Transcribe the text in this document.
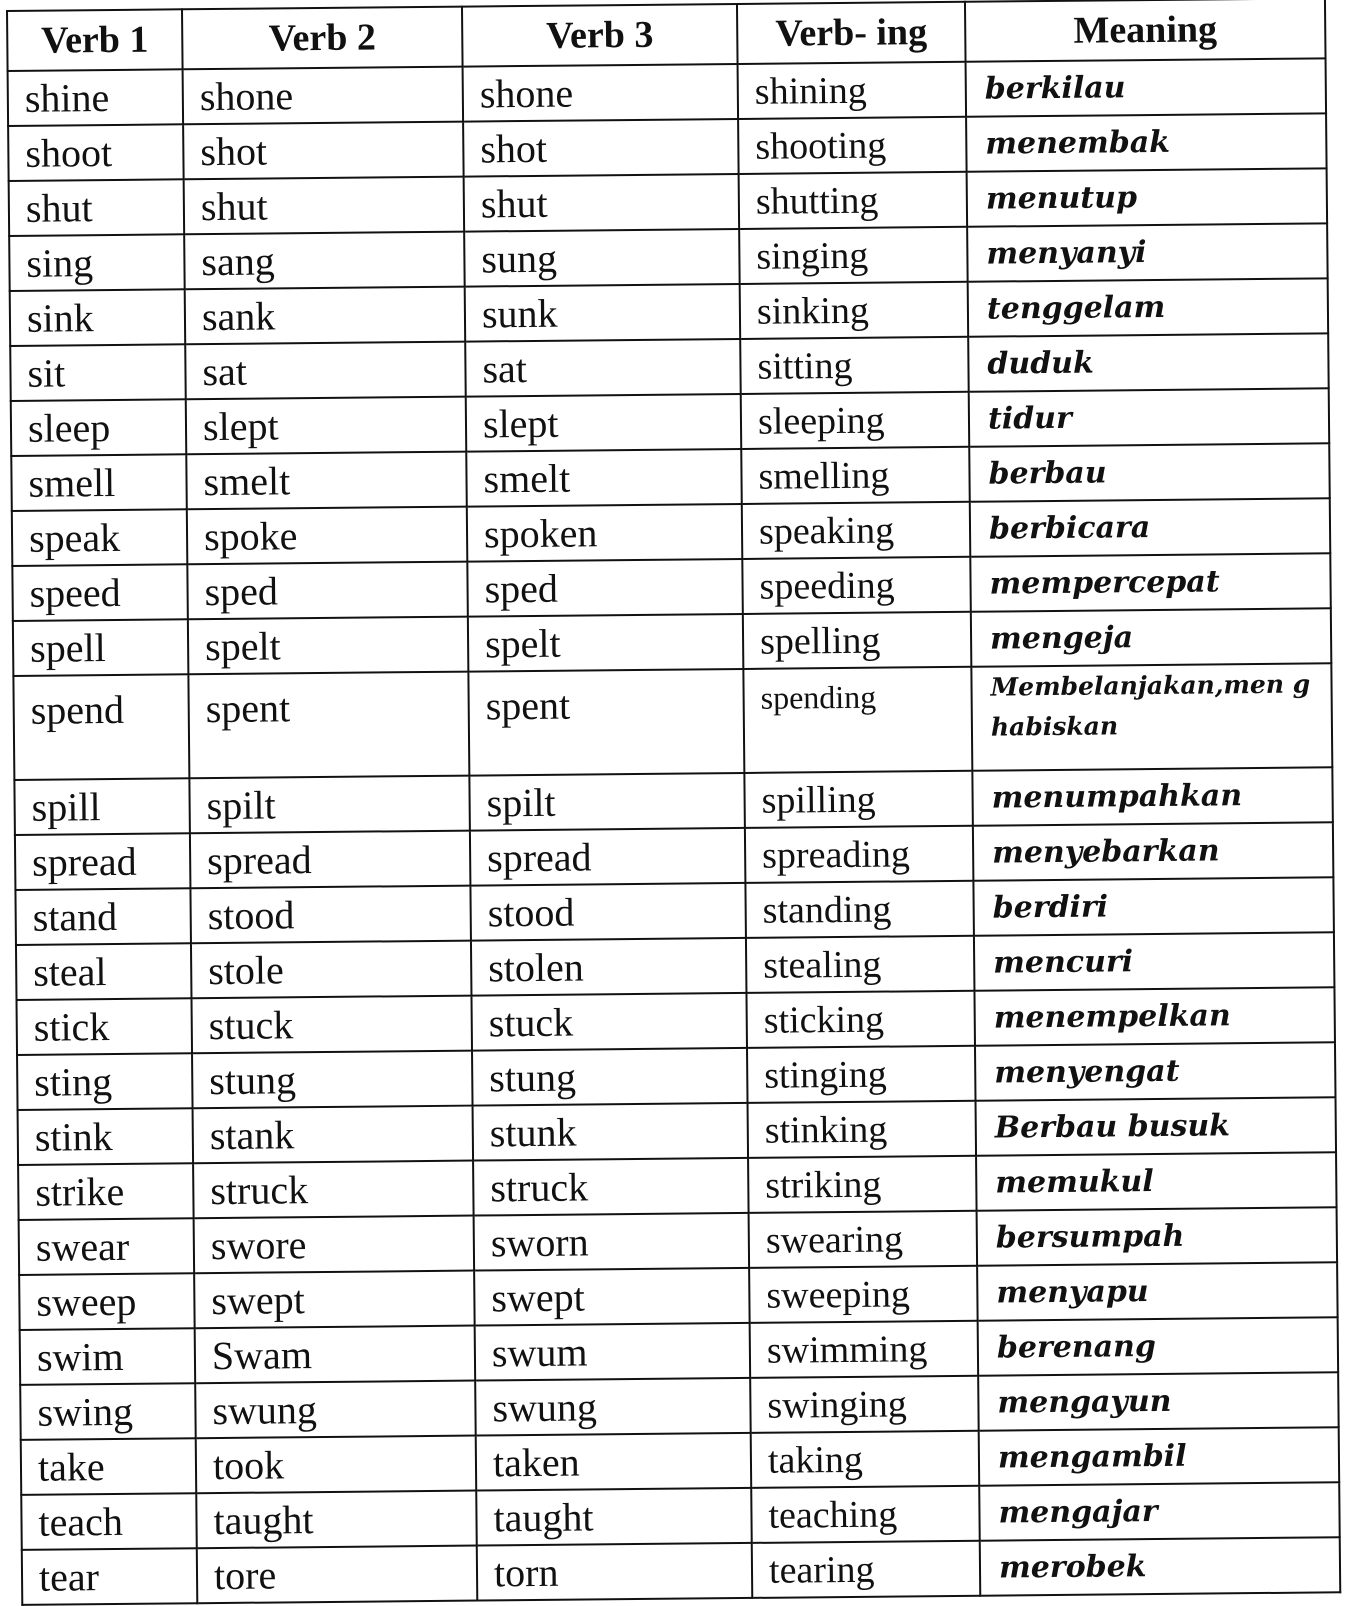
Verb 1	Verb 2	Verb 3	Verb- ing	Meaning
shine	shone	shone	shining	berkilau
shoot	shot	shot	shooting	menembak
shut	shut	shut	shutting	menutup
sing	sang	sung	singing	menyanyi
sink	sank	sunk	sinking	tenggelam
sit	sat	sat	sitting	duduk
sleep	slept	slept	sleeping	tidur
smell	smelt	smelt	smelling	berbau
speak	spoke	spoken	speaking	berbicara
speed	sped	sped	speeding	mempercepat
spell	spelt	spelt	spelling	mengeja
spend	spent	spent	spending	Membelanjakan,men ghabiskan
spill	spilt	spilt	spilling	menumpahkan
spread	spread	spread	spreading	menyebarkan
stand	stood	stood	standing	berdiri
steal	stole	stolen	stealing	mencuri
stick	stuck	stuck	sticking	menempelkan
sting	stung	stung	stinging	menyengat
stink	stank	stunk	stinking	Berbau busuk
strike	struck	struck	striking	memukul
swear	swore	sworn	swearing	bersumpah
sweep	swept	swept	sweeping	menyapu
swim	Swam	swum	swimming	berenang
swing	swung	swung	swinging	mengayun
take	took	taken	taking	mengambil
teach	taught	taught	teaching	mengajar
tear	tore	torn	tearing	merobek
